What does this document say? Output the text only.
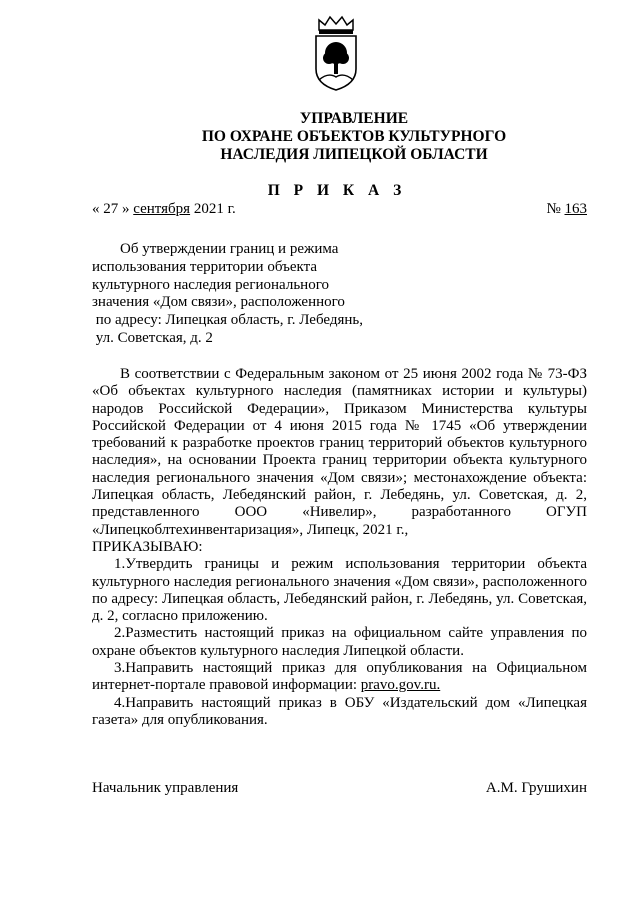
УПРАВЛЕНИЕ
ПО ОХРАНЕ ОБЪЕКТОВ КУЛЬТУРНОГО
НАСЛЕДИЯ ЛИПЕЦКОЙ ОБЛАСТИ
П Р И К А З
« 27 » сентября 2021 г.	№ 163
Об утверждении границ и режима
использования территории объекта
культурного наследия регионального
значения «Дом связи», расположенного
по адресу: Липецкая область, г. Лебедянь,
ул. Советская, д. 2

В соответствии с Федеральным законом от 25 июня 2002 года № 73-ФЗ «Об объектах культурного наследия (памятниках истории и культуры) народов Российской Федерации», Приказом Министерства культуры Российской Федерации от 4 июня 2015 года № 1745 «Об утверждении требований к разработке проектов границ территорий объектов культурного наследия», на основании Проекта границ территории объекта культурного наследия регионального значения «Дом связи»; местонахождение объекта: Липецкая область, Лебедянский район, г. Лебедянь, ул. Советская, д. 2, представленного ООО «Нивелир», разработанного ОГУП «Липецкоблтехинвентаризация», Липецк, 2021 г.,

ПРИКАЗЫВАЮ:

1.Утвердить границы и режим использования территории объекта культурного наследия регионального значения «Дом связи», расположенного по адресу: Липецкая область, Лебедянский район, г. Лебедянь, ул. Советская, д. 2, согласно приложению.

2.Разместить настоящий приказ на официальном сайте управления по охране объектов культурного наследия Липецкой области.

3.Направить настоящий приказ для опубликования на Официальном интернет-портале правовой информации: pravo.gov.ru.

4.Направить настоящий приказ в ОБУ «Издательский дом «Липецкая газета» для опубликования.

Начальник управления	А.М. Грушихин
